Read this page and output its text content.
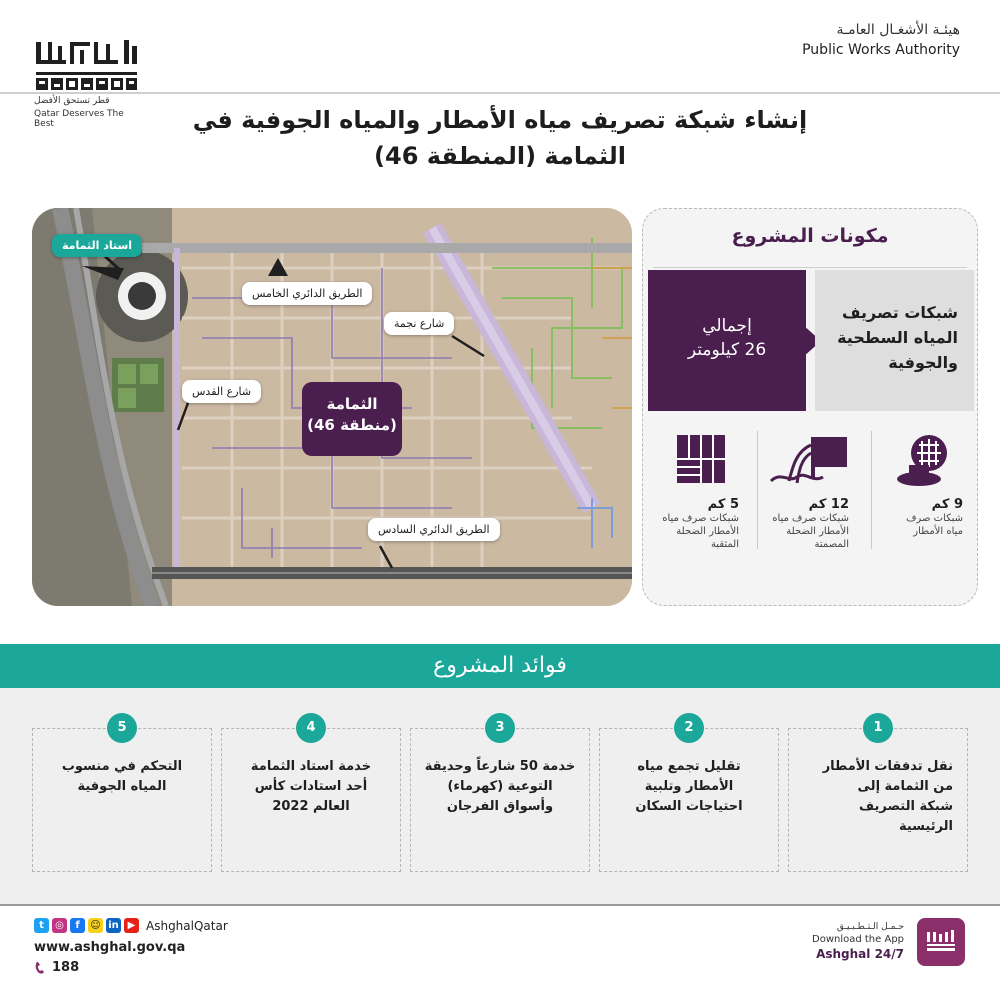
قطر تستحق الأفضل
Qatar Deserves The Best
هيئـة الأشغـال العامـة
Public Works Authority
إنشاء شبكة تصريف مياه الأمطار والمياه الجوفية في
الثمامة (المنطقة 46)
استاد الثمامة
الطريق الدائري الخامس
شارع نجمة
شارع القدس
الثمامة
(منطقة 46)
الطريق الدائري السادس
مكونات المشروع
إجمالي
26 كيلومتر
شبكات تصريف
المياه السطحية
والجوفية
9 كم
شبكات صرف
مياه الأمطار
12 كم
شبكات صرف مياه
الأمطار الضحلة
المصمتة
5 كم
شبكات صرف مياه
الأمطار الضحلة
المثقبة
فوائد المشروع
نقل تدفقات الأمطار
من الثمامة إلى
شبكة التصريف
الرئيسية
1
تقليل تجمع مياه
الأمطار وتلبية
احتياجات السكان
2
خدمة 50 شارعاً وحديقة
التوعية (كهرماء)
وأسواق الفرجان
3
خدمة استاد الثمامة
أحد استادات كأس
العالم 2022
4
التحكم في منسوب
المياه الجوفية
5
t	◎	f	☺ in ▶ AshghalQatar
www.ashghal.gov.qa
188
حـمـل الـتـطـبـيـق
Download the App
Ashghal 24/7
